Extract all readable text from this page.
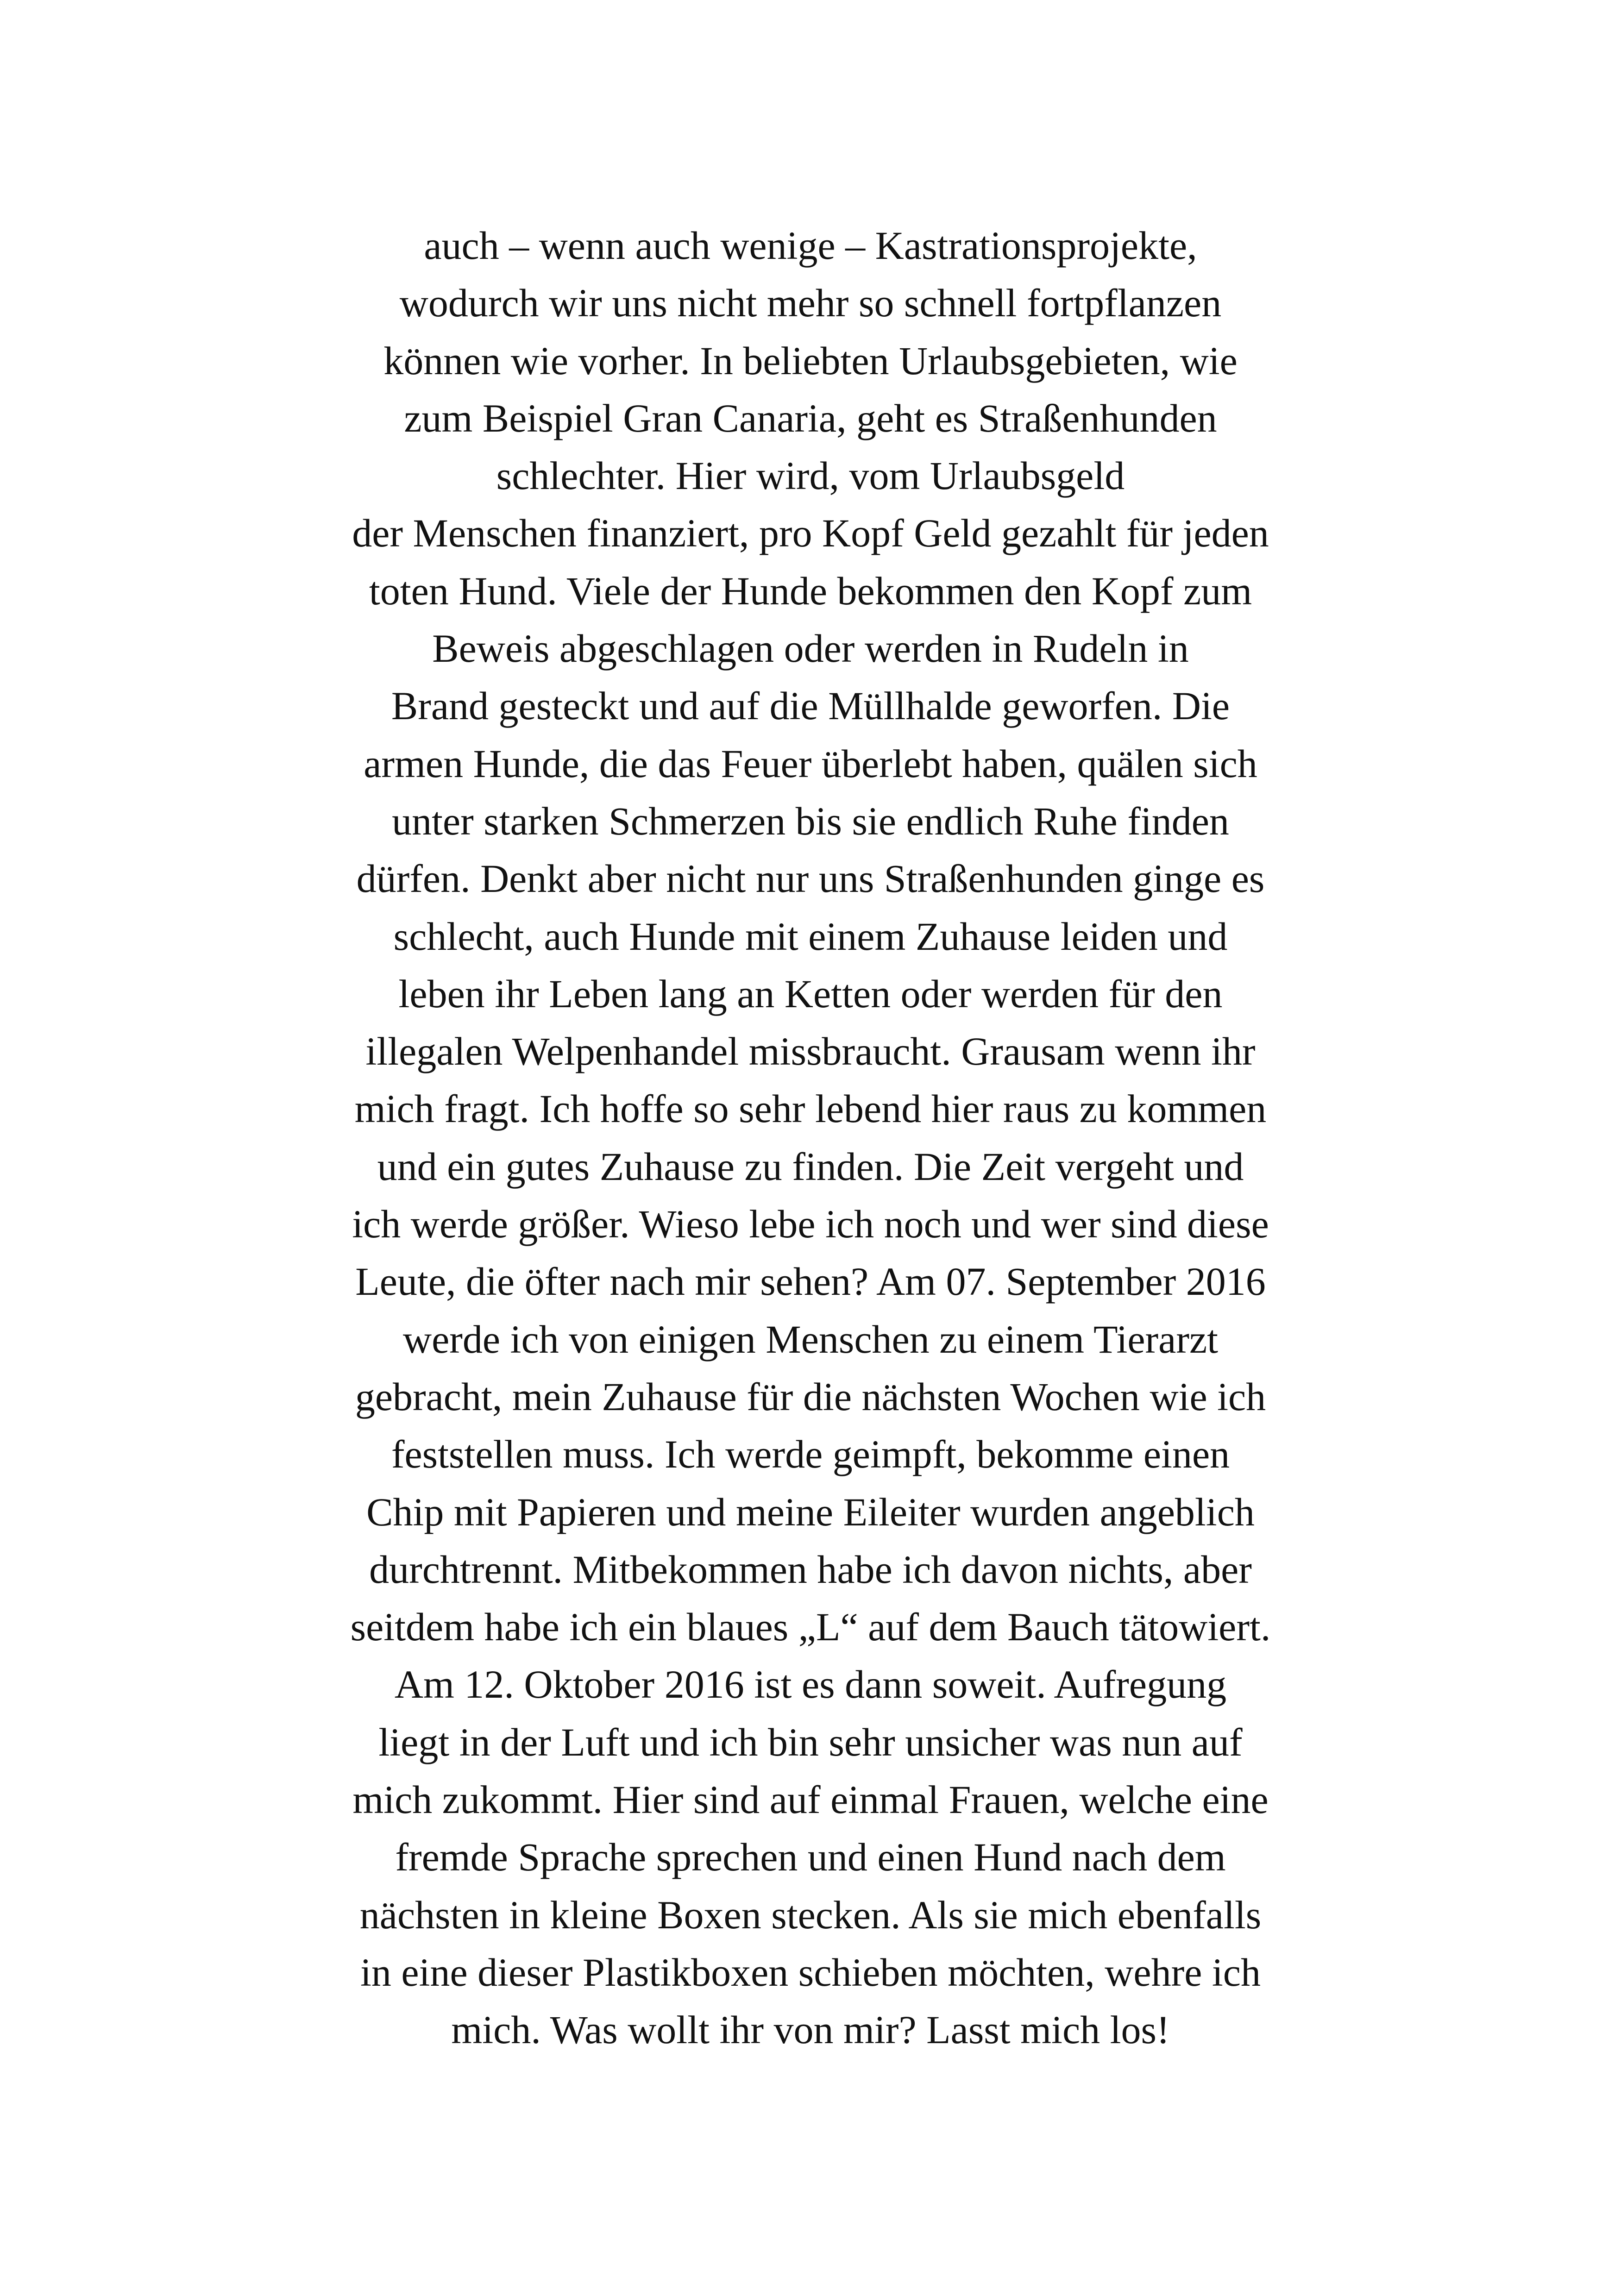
auch – wenn auch wenige – Kastrationsprojekte,
wodurch wir uns nicht mehr so schnell fortpflanzen
können wie vorher. In beliebten Urlaubsgebieten, wie
zum Beispiel Gran Canaria, geht es Straßenhunden
schlechter. Hier wird, vom Urlaubsgeld
der Menschen finanziert, pro Kopf Geld gezahlt für jeden
toten Hund. Viele der Hunde bekommen den Kopf zum
Beweis abgeschlagen oder werden in Rudeln in
Brand gesteckt und auf die Müllhalde geworfen. Die
armen Hunde, die das Feuer überlebt haben, quälen sich
unter starken Schmerzen bis sie endlich Ruhe finden
dürfen. Denkt aber nicht nur uns Straßenhunden ginge es
schlecht, auch Hunde mit einem Zuhause leiden und
leben ihr Leben lang an Ketten oder werden für den
illegalen Welpenhandel missbraucht. Grausam wenn ihr
mich fragt. Ich hoffe so sehr lebend hier raus zu kommen
und ein gutes Zuhause zu finden. Die Zeit vergeht und
ich werde größer. Wieso lebe ich noch und wer sind diese
Leute, die öfter nach mir sehen? Am 07. September 2016
werde ich von einigen Menschen zu einem Tierarzt
gebracht, mein Zuhause für die nächsten Wochen wie ich
feststellen muss. Ich werde geimpft, bekomme einen
Chip mit Papieren und meine Eileiter wurden angeblich
durchtrennt. Mitbekommen habe ich davon nichts, aber
seitdem habe ich ein blaues „L“ auf dem Bauch tätowiert.
Am 12. Oktober 2016 ist es dann soweit. Aufregung
liegt in der Luft und ich bin sehr unsicher was nun auf
mich zukommt. Hier sind auf einmal Frauen, welche eine
fremde Sprache sprechen und einen Hund nach dem
nächsten in kleine Boxen stecken. Als sie mich ebenfalls
in eine dieser Plastikboxen schieben möchten, wehre ich
mich. Was wollt ihr von mir? Lasst mich los!
